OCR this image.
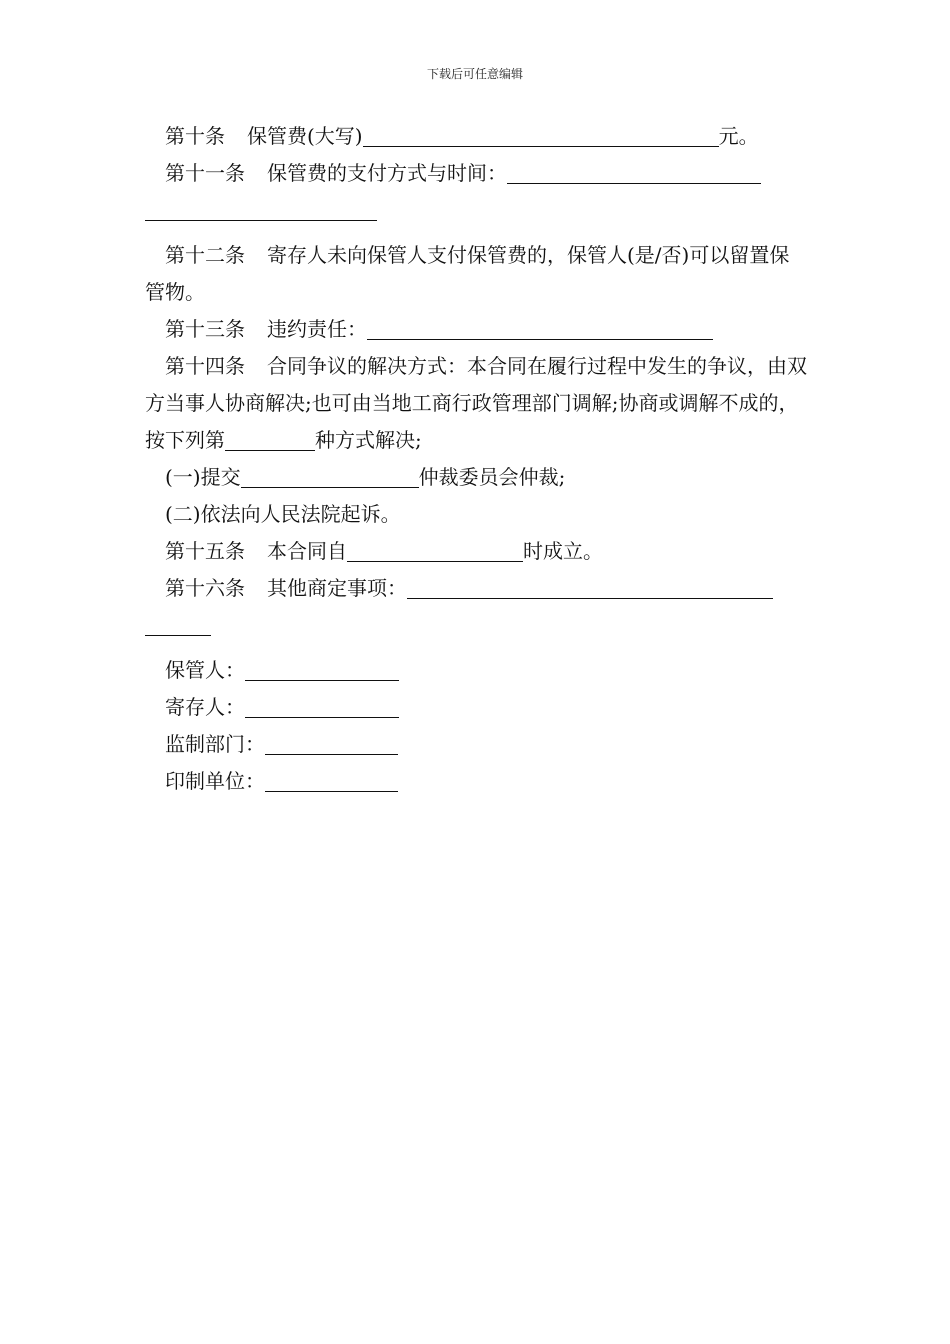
下载后可任意编辑

第十条 保管费(大写)	元。

第十一条 保管费的支付方式与时间：

第十二条 寄存人未向保管人支付保管费的，保管人(是/否)可以留置保管物。

第十三条 违约责任：

第十四条 合同争议的解决方式：本合同在履行过程中发生的争议，由双方当事人协商解决;也可由当地工商行政管理部门调解;协商或调解不成的，按下列第	种方式解决;

(一)提交	仲裁委员会仲裁;

(二)依法向人民法院起诉。

第十五条 本合同自	时成立。

第十六条 其他商定事项：

保管人：

寄存人：

监制部门：

印制单位：
